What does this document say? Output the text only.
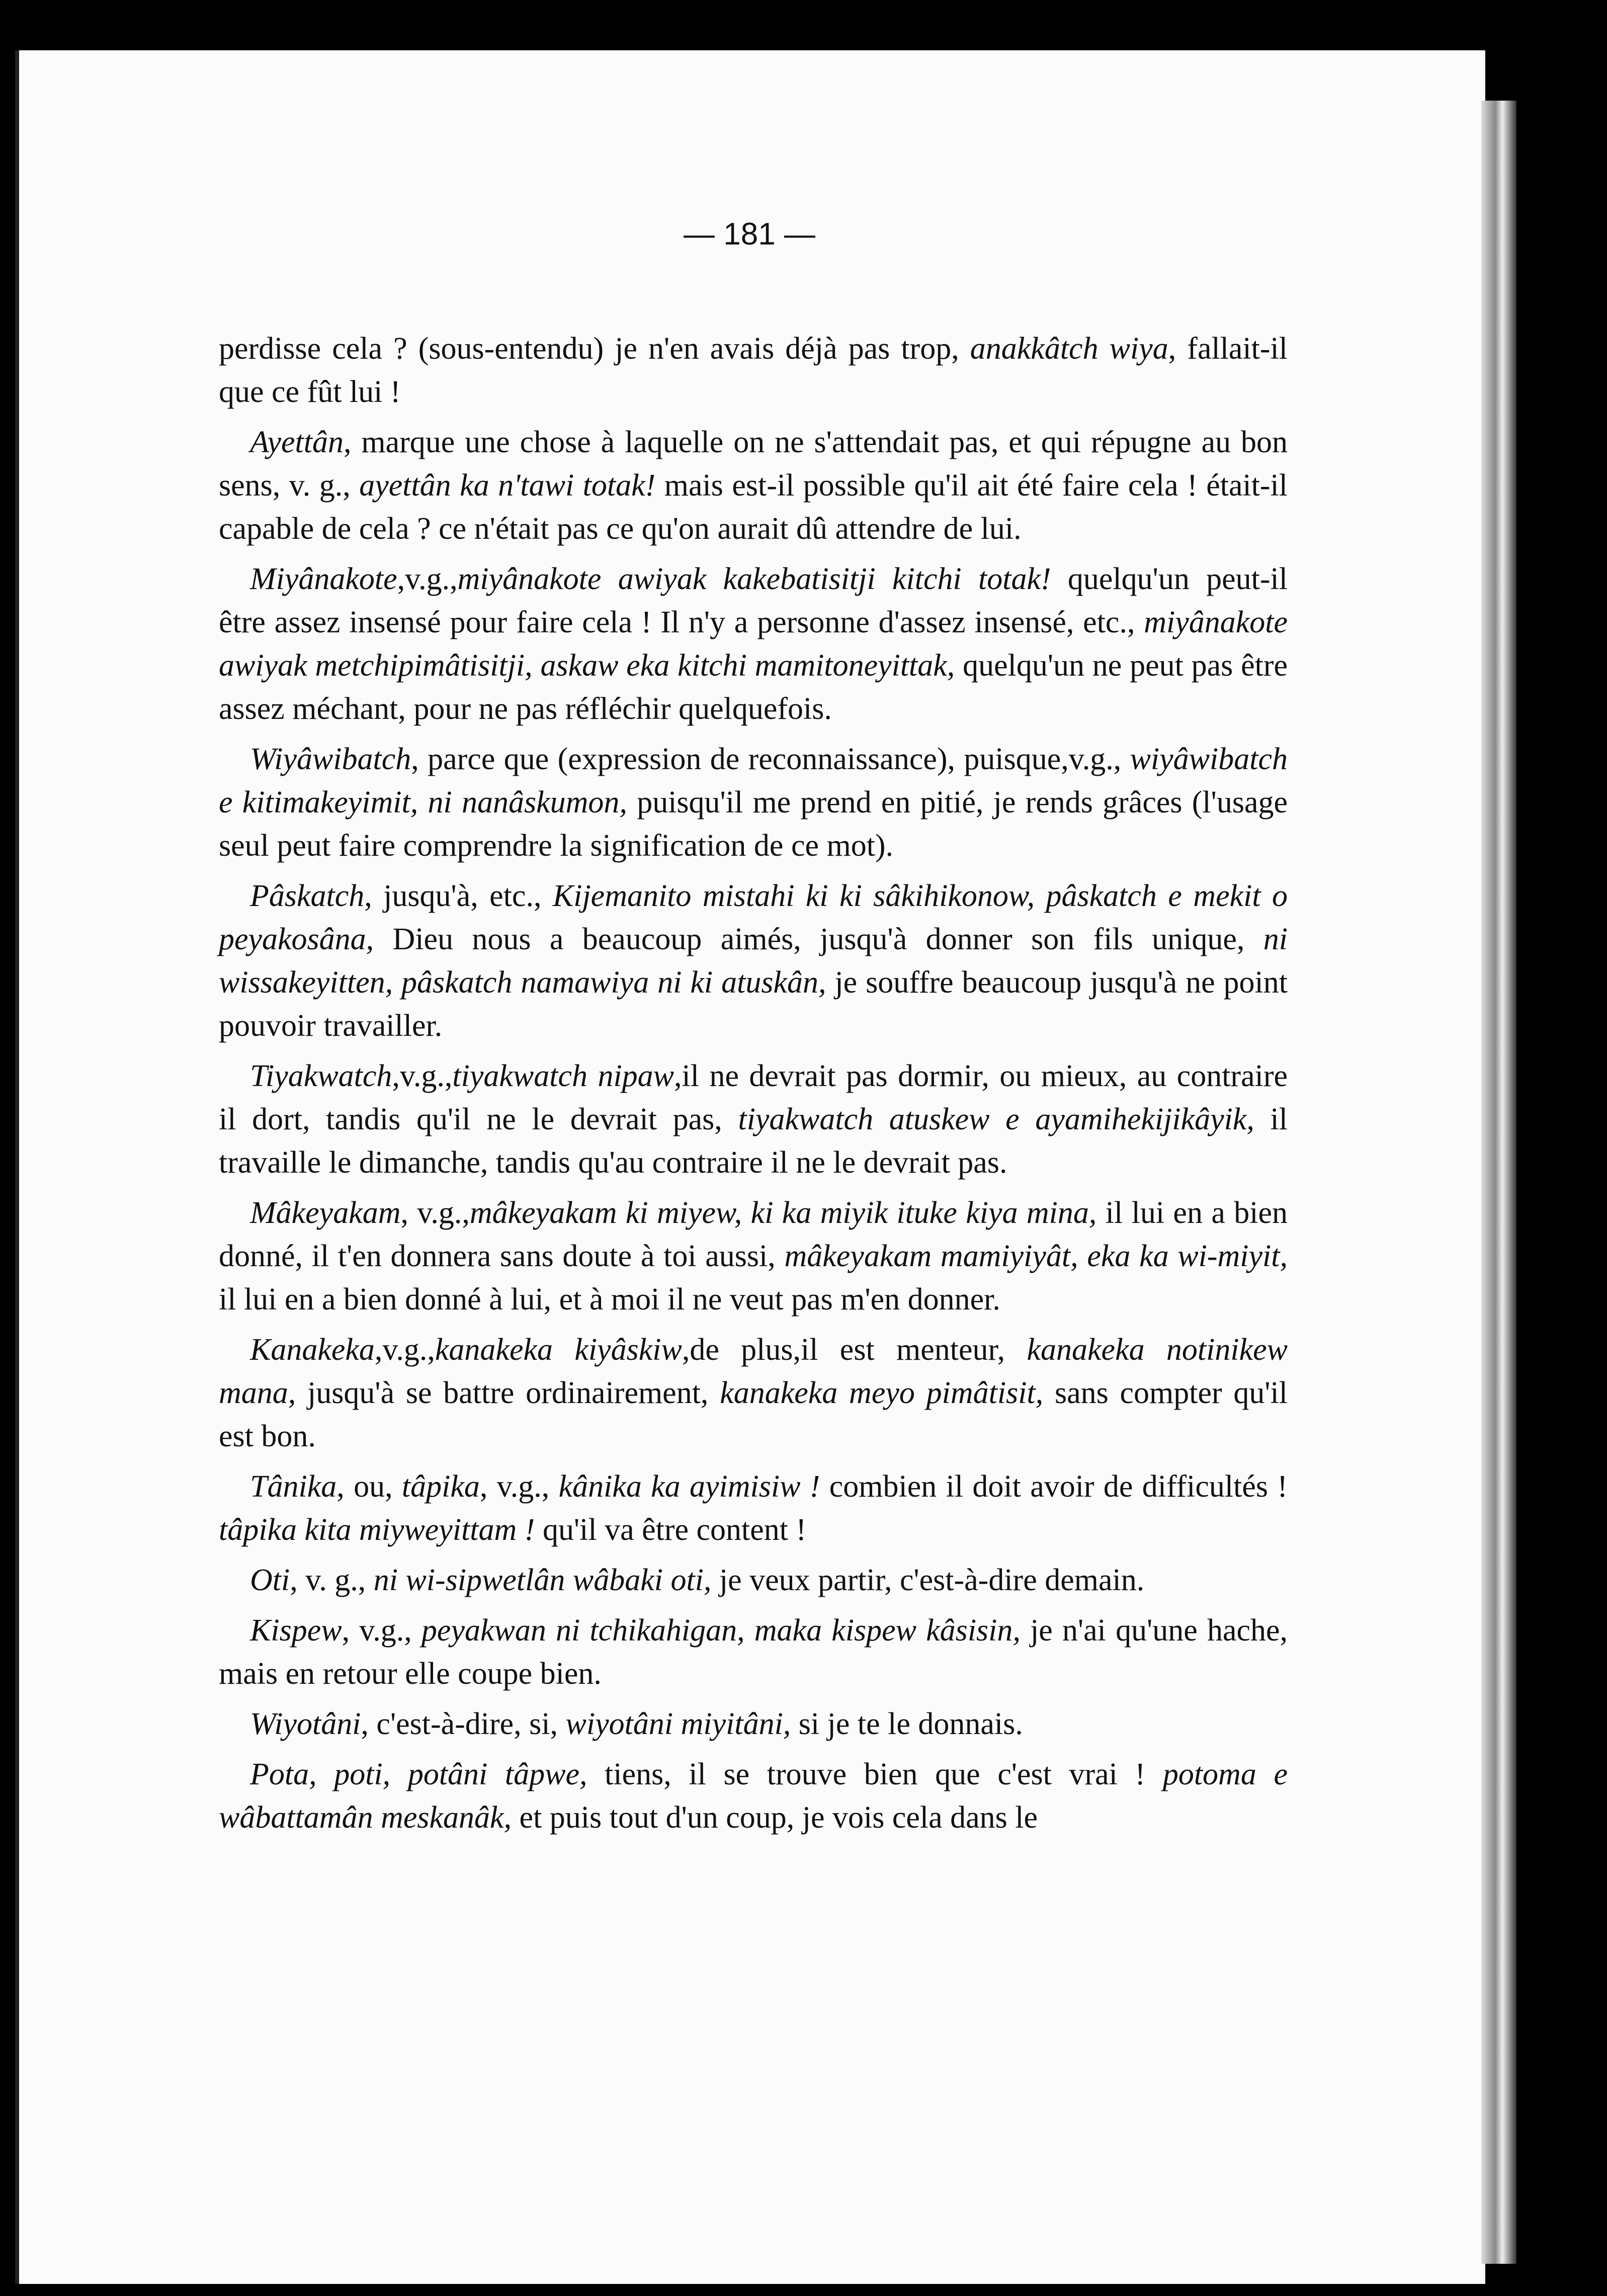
— 181 —

perdisse cela ? (sous-entendu) je n'en avais déjà pas trop, anakkâtch wiya, fallait-il que ce fût lui !

Ayettân, marque une chose à laquelle on ne s'attendait pas, et qui répugne au bon sens, v. g., ayettân ka n'tawi totak! mais est-il possible qu'il ait été faire cela ! était-il capable de cela ? ce n'était pas ce qu'on aurait dû attendre de lui.

Miyânakote,v.g.,miyânakote awiyak kakebatisitji kitchi totak! quelqu'un peut-il être assez insensé pour faire cela ! Il n'y a personne d'assez insensé, etc., miyânakote awiyak metchipimâtisitji, askaw eka kitchi mamitoneyittak, quelqu'un ne peut pas être assez méchant, pour ne pas réfléchir quelquefois.

Wiyâwibatch, parce que (expression de reconnaissance), puisque,v.g., wiyâwibatch e kitimakeyimit, ni nanâskumon, puisqu'il me prend en pitié, je rends grâces (l'usage seul peut faire comprendre la signification de ce mot).

Pâskatch, jusqu'à, etc., Kijemanito mistahi ki ki sâkihikonow, pâskatch e mekit o peyakosâna, Dieu nous a beaucoup aimés, jusqu'à donner son fils unique, ni wissakeyitten, pâskatch namawiya ni ki atuskân, je souffre beaucoup jusqu'à ne point pouvoir travailler.

Tiyakwatch,v.g.,tiyakwatch nipaw,il ne devrait pas dormir, ou mieux, au contraire il dort, tandis qu'il ne le devrait pas, tiyakwatch atuskew e ayamihekijikâyik, il travaille le dimanche, tandis qu'au contraire il ne le devrait pas.

Mâkeyakam, v.g.,mâkeyakam ki miyew, ki ka miyik ituke kiya mina, il lui en a bien donné, il t'en donnera sans doute à toi aussi, mâkeyakam mamiyiyât, eka ka wi-miyit, il lui en a bien donné à lui, et à moi il ne veut pas m'en donner.

Kanakeka,v.g.,kanakeka kiyâskiw,de plus,il est menteur, kanakeka notinikew mana, jusqu'à se battre ordinairement, kanakeka meyo pimâtisit, sans compter qu'il est bon.

Tânika, ou, tâpika, v.g., kânika ka ayimisiw ! combien il doit avoir de difficultés ! tâpika kita miyweyittam ! qu'il va être content !

Oti, v. g., ni wi-sipwetlân wâbaki oti, je veux partir, c'est-à-dire demain.

Kispew, v.g., peyakwan ni tchikahigan, maka kispew kâsisin, je n'ai qu'une hache, mais en retour elle coupe bien.

Wiyotâni, c'est-à-dire, si, wiyotâni miyitâni, si je te le donnais.

Pota, poti, potâni tâpwe, tiens, il se trouve bien que c'est vrai ! potoma e wâbattamân meskanâk, et puis tout d'un coup, je vois cela dans le
